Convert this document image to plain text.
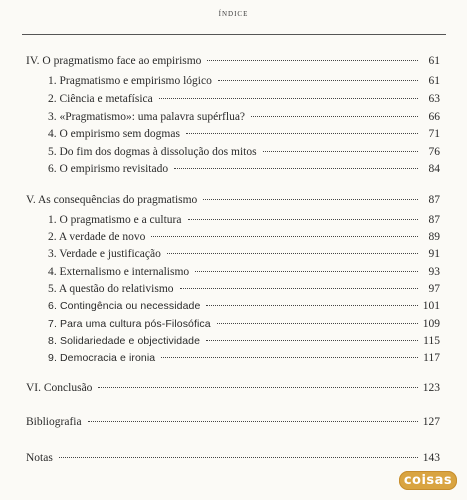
ÍNDICE
IV. O pragmatismo face ao empirismo	61
1. Pragmatismo e empirismo lógico	61
2. Ciência e metafísica	63
3. «Pragmatismo»: uma palavra supérflua?	66
4. O empirismo sem dogmas	71
5. Do fim dos dogmas à dissolução dos mitos	76
6. O empirismo revisitado	84
V. As consequências do pragmatismo	87
1. O pragmatismo e a cultura	87
2. A verdade de novo	89
3. Verdade e justificação	91
4. Externalismo e internalismo	93
5. A questão do relativismo	97
6. Contingência ou necessidade	101
7. Para uma cultura pós-Filosófica	109
8. Solidariedade e objectividade	115
9. Democracia e ironia	117
VI. Conclusão	123
Bibliografia	127
Notas	143
coisas
